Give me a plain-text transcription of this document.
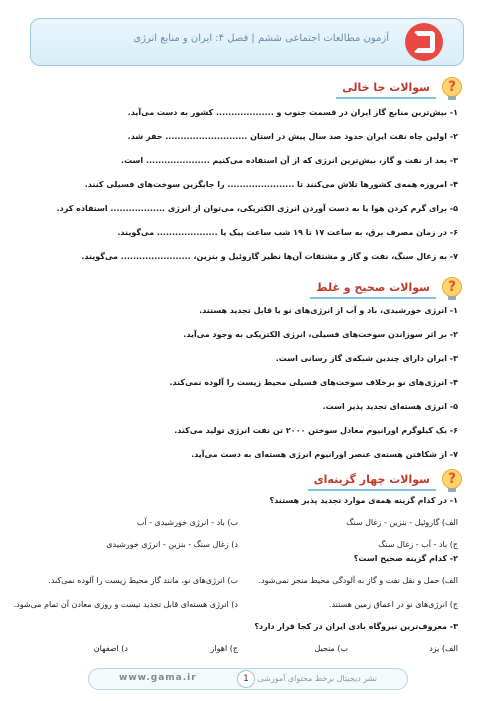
آزمون مطالعات اجتماعی ششم | فصل ۴: ایران و منابع انرژی
?
سوالات جا خالی
۱- بیش‌ترین منابع گاز ایران در قسمت جنوب و ................... کشور به دست می‌آید.
۲- اولین چاه نفت ایران حدود صد سال پیش در استان ........................... حفر شد.
۳- بعد از نفت و گاز، بیش‌ترین انرژی که از آن استفاده می‌کنیم ..................... است.
۴- امروزه همه‌ی کشورها تلاش می‌کنند تا ...................... را جایگزین سوخت‌های فسیلی کنند.
۵- برای گرم کردن هوا یا به دست آوردن انرژی الکتریکی، می‌توان از انرژی .................. استفاده کرد.
۶- در زمان مصرف برق، به ساعت ۱۷ تا ۱۹ شب ساعت پیک یا .................... می‌گویند.
۷- به زغال سنگ، نفت و گاز و مشتقات آن‌ها نظیر گازوئیل و بنزین، ....................... می‌گویند.
?
سوالات صحیح و غلط
۱- انرژی خورشیدی، باد و آب از انرژی‌های نو یا قابل تجدید هستند.
۲- بر اثر سوزاندن سوخت‌های فسیلی، انرژی الکتریکی به وجود می‌آید.
۳- ایران دارای چندین شبکه‌ی گاز رسانی است.
۴- انرژی‌های نو برخلاف سوخت‌های فسیلی محیط زیست را آلوده نمی‌کند.
۵- انرژی هسته‌ای تجدید پذیر است.
۶- یک کیلوگرم اورانیوم معادل سوختن ۲۰۰۰ تن نفت انرژی تولید می‌کند.
۷- از شکافتن هسته‌ی عنصر اورانیوم انرژی هسته‌ای به دست می‌آید.
?
سوالات چهار گزینه‌ای
۱- در کدام گزینه همه‌ی موارد تجدید پذیر هستند؟
الف) گازوئیل - بنزین - زغال سنگ
ب) باد - انرژی خورشیدی - آب
ج) باد - آب - زغال سنگ
د) زغال سنگ - بنزین - انرژی خورشیدی
۲- کدام گزینه صحیح است؟
الف) حمل و نقل نفت و گاز به آلودگی محیط منجر نمی‌شود.
ب) انرژی‌های نو، مانند گاز محیط زیست را آلوده نمی‌کند.
ج) انرژی‌های نو در اعماق زمین هستند.
د) انرژی هسته‌ای قابل تجدید نیست و روزی معادن آن تمام می‌شود.
۳- معروف‌ترین نیروگاه بادی ایران در کجا قرار دارد؟
الف) یزد
ب) منجیل
ج) اهواز
د) اصفهان
www.gama.ir	1	نشر دیجیتال برخط محتوای آموزشی
